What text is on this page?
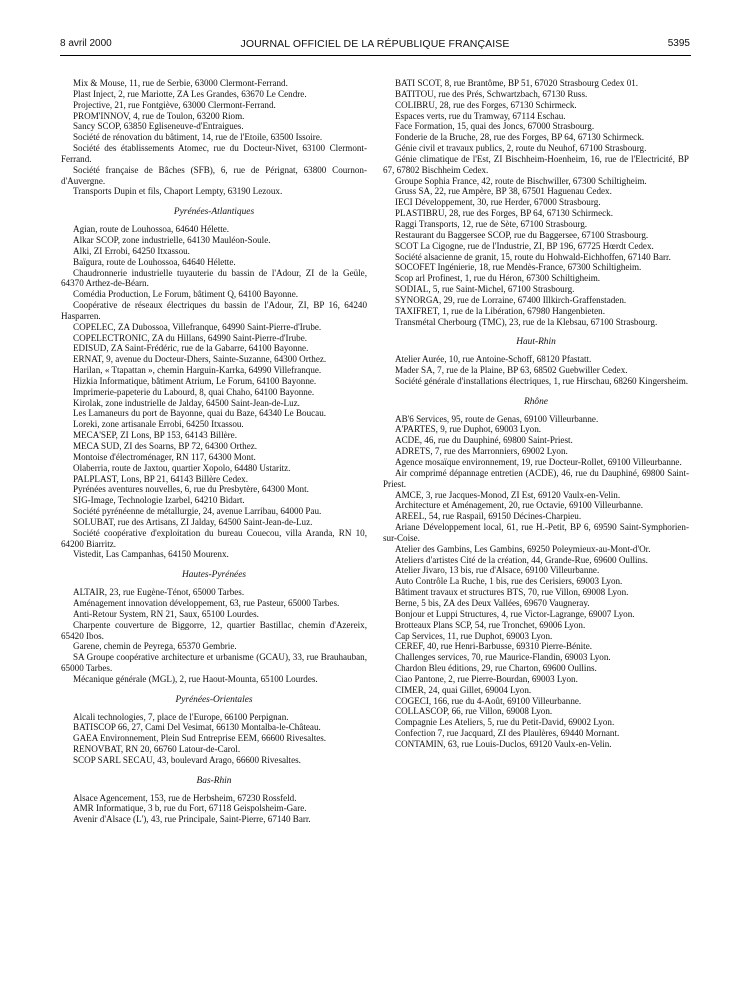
8 avril 2000	JOURNAL OFFICIEL DE LA RÉPUBLIQUE FRANÇAISE	5395

Mix & Mouse, 11, rue de Serbie, 63000 Clermont-Ferrand.

Plast Inject, 2, rue Mariotte, ZA Les Grandes, 63670 Le Cendre.

Projective, 21, rue Fontgiève, 63000 Clermont-Ferrand.

PROM'INNOV, 4, rue de Toulon, 63200 Riom.

Sancy SCOP, 63850 Egliseneuve-d'Entraigues.

Société de rénovation du bâtiment, 14, rue de l'Etoile, 63500 Issoire.

Société des établissements Atomec, rue du Docteur-Nivet, 63100 Clermont-Ferrand.

Société française de Bâches (SFB), 6, rue de Pérignat, 63800 Cournon-d'Auvergne.

Transports Dupin et fils, Chaport Lempty, 63190 Lezoux.

Pyrénées-Atlantiques

Agian, route de Louhossoa, 64640 Hélette.

Alkar SCOP, zone industrielle, 64130 Mauléon-Soule.

Alki, ZI Errobi, 64250 Itxassou.

Baïgura, route de Louhossoa, 64640 Hélette.

Chaudronnerie industrielle tuyauterie du bassin de l'Adour, ZI de la Geüle, 64370 Arthez-de-Béarn.

Comédia Production, Le Forum, bâtiment Q, 64100 Bayonne.

Coopérative de réseaux électriques du bassin de l'Adour, ZI, BP 16, 64240 Hasparren.

COPELEC, ZA Dubossoa, Villefranque, 64990 Saint-Pierre-d'Irube.

COPELECTRONIC, ZA du Hillans, 64990 Saint-Pierre-d'Irube.

EDISUD, ZA Saint-Frédéric, rue de la Gabarre, 64100 Bayonne.

ERNAT, 9, avenue du Docteur-Dhers, Sainte-Suzanne, 64300 Orthez.

Harilan, « Ttapattan », chemin Harguin-Karrka, 64990 Villefranque.

Hizkia Informatique, bâtiment Atrium, Le Forum, 64100 Bayonne.

Imprimerie-papeterie du Labourd, 8, quai Chaho, 64100 Bayonne.

Kirolak, zone industrielle de Jalday, 64500 Saint-Jean-de-Luz.

Les Lamaneurs du port de Bayonne, quai du Baze, 64340 Le Boucau.

Loreki, zone artisanale Errobi, 64250 Itxassou.

MECA'SEP, ZI Lons, BP 153, 64143 Billère.

MECA SUD, ZI des Soarns, BP 72, 64300 Orthez.

Montoise d'électroménager, RN 117, 64300 Mont.

Olaberria, route de Jaxtou, quartier Xopolo, 64480 Ustaritz.

PALPLAST, Lons, BP 21, 64143 Billère Cedex.

Pyrénées aventures nouvelles, 6, rue du Presbytère, 64300 Mont.

SIG-Image, Technologie Izarbel, 64210 Bidart.

Société pyrénéenne de métallurgie, 24, avenue Larribau, 64000 Pau.

SOLUBAT, rue des Artisans, ZI Jalday, 64500 Saint-Jean-de-Luz.

Société coopérative d'exploitation du bureau Couecou, villa Aranda, RN 10, 64200 Biarritz.

Vistedit, Las Campanhas, 64150 Mourenx.

Hautes-Pyrénées

ALTAIR, 23, rue Eugène-Ténot, 65000 Tarbes.

Aménagement innovation développement, 63, rue Pasteur, 65000 Tarbes.

Anti-Retour System, RN 21, Saux, 65100 Lourdes.

Charpente couverture de Biggorre, 12, quartier Bastillac, chemin d'Azereix, 65420 Ibos.

Garene, chemin de Peyrega, 65370 Gembrie.

SA Groupe coopérative architecture et urbanisme (GCAU), 33, rue Brauhauban, 65000 Tarbes.

Mécanique générale (MGL), 2, rue Haout-Mounta, 65100 Lourdes.

Pyrénées-Orientales

Alcali technologies, 7, place de l'Europe, 66100 Perpignan.

BATISCOP 66, 27, Cami Del Vesimat, 66130 Montalba-le-Château.

GAEA Environnement, Plein Sud Entreprise EEM, 66600 Rivesaltes.

RENOVBAT, RN 20, 66760 Latour-de-Carol.

SCOP SARL SECAU, 43, boulevard Arago, 66600 Rivesaltes.

Bas-Rhin

Alsace Agencement, 153, rue de Herbsheim, 67230 Rossfeld.

AMR Informatique, 3 b, rue du Fort, 67118 Geispolsheim-Gare.

Avenir d'Alsace (L'), 43, rue Principale, Saint-Pierre, 67140 Barr.

BATI SCOT, 8, rue Brantôme, BP 51, 67020 Strasbourg Cedex 01.

BATITOU, rue des Prés, Schwartzbach, 67130 Russ.

COLIBRU, 28, rue des Forges, 67130 Schirmeck.

Espaces verts, rue du Tramway, 67114 Eschau.

Face Formation, 15, quai des Joncs, 67000 Strasbourg.

Fonderie de la Bruche, 28, rue des Forges, BP 64, 67130 Schirmeck.

Génie civil et travaux publics, 2, route du Neuhof, 67100 Strasbourg.

Génie climatique de l'Est, ZI Bischheim-Hoenheim, 16, rue de l'Electricité, BP 67, 67802 Bischheim Cedex.

Groupe Sophia France, 42, route de Bischwiller, 67300 Schiltigheim.

Gruss SA, 22, rue Ampère, BP 38, 67501 Haguenau Cedex.

IECI Développement, 30, rue Herder, 67000 Strasbourg.

PLASTIBRU, 28, rue des Forges, BP 64, 67130 Schirmeck.

Raggi Transports, 12, rue de Sète, 67100 Strasbourg.

Restaurant du Baggersee SCOP, rue du Baggersee, 67100 Strasbourg.

SCOT La Cigogne, rue de l'Industrie, ZI, BP 196, 67725 Hœrdt Cedex.

Société alsacienne de granit, 15, route du Hohwald-Eichhoffen, 67140 Barr.

SOCOFET Ingénierie, 18, rue Mendès-France, 67300 Schiltigheim.

Scop arl Profinest, 1, rue du Héron, 67300 Schiltigheim.

SODIAL, 5, rue Saint-Michel, 67100 Strasbourg.

SYNORGA, 29, rue de Lorraine, 67400 Illkirch-Graffenstaden.

TAXIFRET, 1, rue de la Libération, 67980 Hangenbieten.

Transmétal Cherbourg (TMC), 23, rue de la Klebsau, 67100 Strasbourg.

Haut-Rhin

Atelier Aurée, 10, rue Antoine-Schoff, 68120 Pfastatt.

Mader SA, 7, rue de la Plaine, BP 63, 68502 Guebwiller Cedex.

Société générale d'installations électriques, 1, rue Hirschau, 68260 Kingersheim.

Rhône

AB'6 Services, 95, route de Genas, 69100 Villeurbanne.

A'PARTES, 9, rue Duphot, 69003 Lyon.

ACDE, 46, rue du Dauphiné, 69800 Saint-Priest.

ADRETS, 7, rue des Marronniers, 69002 Lyon.

Agence mosaïque environnement, 19, rue Docteur-Rollet, 69100 Villeurbanne.

Air comprimé dépannage entretien (ACDE), 46, rue du Dauphiné, 69800 Saint-Priest.

AMCE, 3, rue Jacques-Monod, ZI Est, 69120 Vaulx-en-Velin.

Architecture et Aménagement, 20, rue Octavie, 69100 Villeurbanne.

AREEL, 54, rue Raspail, 69150 Décines-Charpieu.

Ariane Développement local, 61, rue H.-Petit, BP 6, 69590 Saint-Symphorien-sur-Coise.

Atelier des Gambins, Les Gambins, 69250 Poleymieux-au-Mont-d'Or.

Ateliers d'artistes Cité de la création, 44, Grande-Rue, 69600 Oullins.

Atelier Jivaro, 13 bis, rue d'Alsace, 69100 Villeurbanne.

Auto Contrôle La Ruche, 1 bis, rue des Cerisiers, 69003 Lyon.

Bâtiment travaux et structures BTS, 70, rue Villon, 69008 Lyon.

Berne, 5 bis, ZA des Deux Vallées, 69670 Vaugneray.

Bonjour et Luppi Structures, 4, rue Victor-Lagrange, 69007 Lyon.

Brotteaux Plans SCP, 54, rue Tronchet, 69006 Lyon.

Cap Services, 11, rue Duphot, 69003 Lyon.

CEREF, 40, rue Henri-Barbusse, 69310 Pierre-Bénite.

Challenges services, 70, rue Maurice-Flandin, 69003 Lyon.

Chardon Bleu éditions, 29, rue Charton, 69600 Oullins.

Ciao Pantone, 2, rue Pierre-Bourdan, 69003 Lyon.

CIMER, 24, quai Gillet, 69004 Lyon.

COGECI, 166, rue du 4-Août, 69100 Villeurbanne.

COLLASCOP, 66, rue Villon, 69008 Lyon.

Compagnie Les Ateliers, 5, rue du Petit-David, 69002 Lyon.

Confection 7, rue Jacquard, ZI des Plaulères, 69440 Mornant.

CONTAMIN, 63, rue Louis-Duclos, 69120 Vaulx-en-Velin.
